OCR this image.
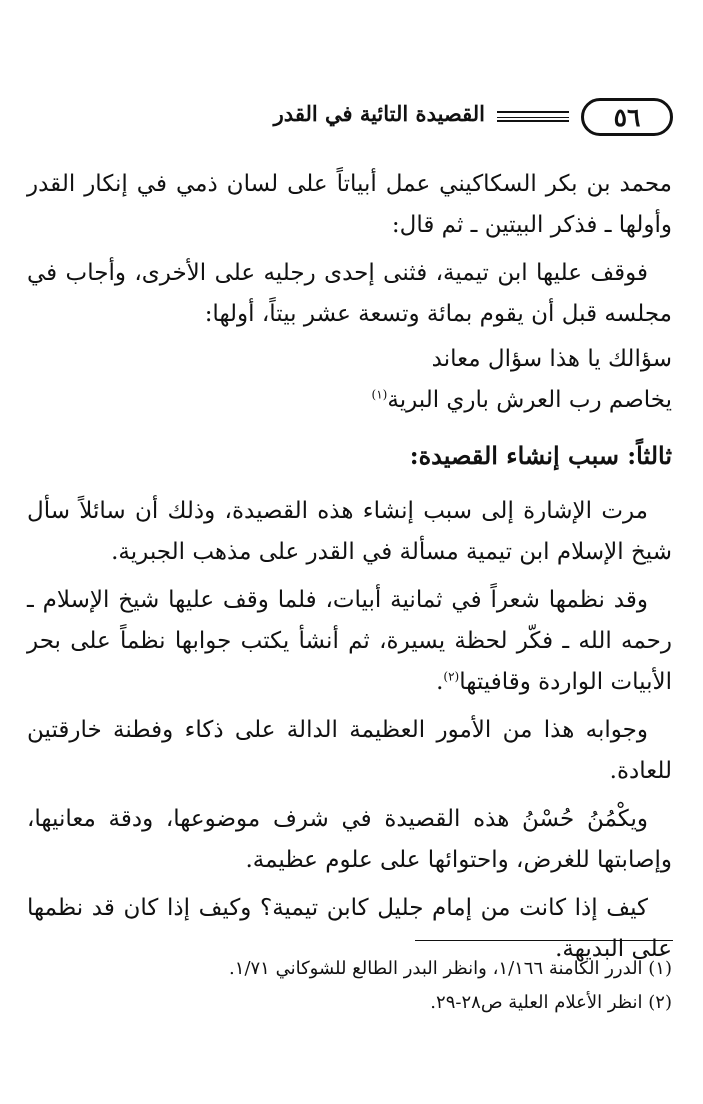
٥٦
القصيدة التائية في القدر

محمد بن بكر السكاكيني عمل أبياتاً على لسان ذمي في إنكار القدر وأولها ـ فذكر البيتين ـ ثم قال:

فوقف عليها ابن تيمية، فثنى إحدى رجليه على الأخرى، وأجاب في مجلسه قبل أن يقوم بمائة وتسعة عشر بيتاً، أولها:

سؤالك يا هذا سؤال معاند
يخاصم رب العرش باري البرية$^{(١)}$
ثالثاً: سبب إنشاء القصيدة:

مرت الإشارة إلى سبب إنشاء هذه القصيدة، وذلك أن سائلاً سأل شيخ الإسلام ابن تيمية مسألة في القدر على مذهب الجبرية.

وقد نظمها شعراً في ثمانية أبيات، فلما وقف عليها شيخ الإسلام ـ رحمه الله ـ فكّر لحظة يسيرة، ثم أنشأ يكتب جوابها نظماً على بحر الأبيات الواردة وقافيتها$^{(٢)}$.

وجوابه هذا من الأمور العظيمة الدالة على ذكاء وفطنة خارقتين للعادة.

ويكْمُنُ حُسْنُ هذه القصيدة في شرف موضوعها، ودقة معانيها، وإصابتها للغرض، واحتوائها على علوم عظيمة.

كيف إذا كانت من إمام جليل كابن تيمية؟ وكيف إذا كان قد نظمها على البديهة.

(١) الدرر الكامنة ١/١٦٦، وانظر البدر الطالع للشوكاني ١/٧١.

(٢) انظر الأعلام العلية ص٢٨-٢٩.
